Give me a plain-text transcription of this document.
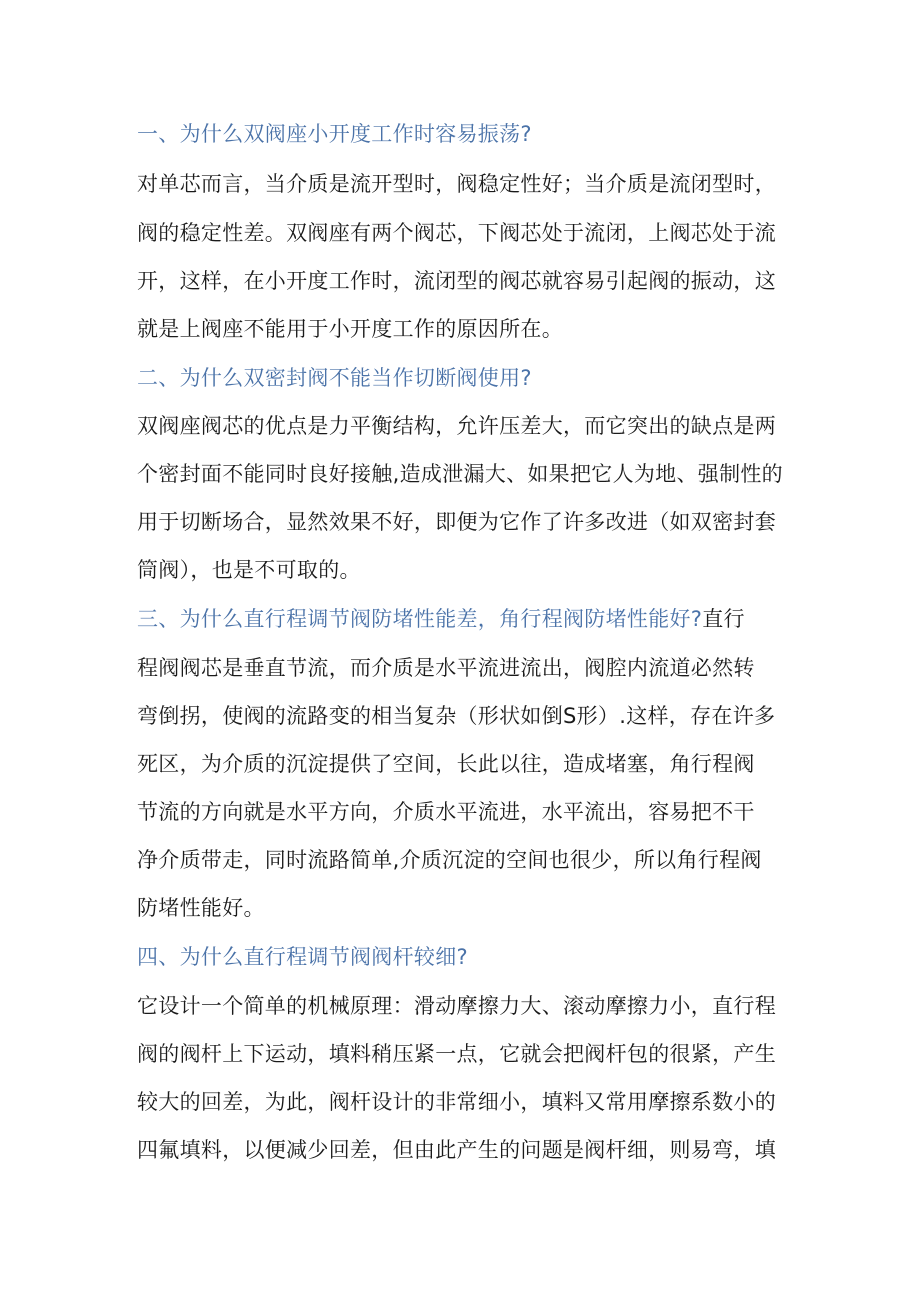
一、为什么双阀座小开度工作时容易振荡?
对单芯而言，当介质是流开型时，阀稳定性好；当介质是流闭型时，
阀的稳定性差。双阀座有两个阀芯，下阀芯处于流闭，上阀芯处于流
开，这样，在小开度工作时，流闭型的阀芯就容易引起阀的振动，这
就是上阀座不能用于小开度工作的原因所在。
二、为什么双密封阀不能当作切断阀使用?
双阀座阀芯的优点是力平衡结构，允许压差大，而它突出的缺点是两
个密封面不能同时良好接触,造成泄漏大、如果把它人为地、强制性的
用于切断场合，显然效果不好，即便为它作了许多改进（如双密封套
筒阀），也是不可取的。
三、为什么直行程调节阀防堵性能差，角行程阀防堵性能好?直行
程阀阀芯是垂直节流，而介质是水平流进流出，阀腔内流道必然转
弯倒拐，使阀的流路变的相当复杂（形状如倒S形）.这样，存在许多
死区，为介质的沉淀提供了空间，长此以往，造成堵塞，角行程阀
节流的方向就是水平方向，介质水平流进，水平流出，容易把不干
净介质带走，同时流路简单,介质沉淀的空间也很少，所以角行程阀
防堵性能好。
四、为什么直行程调节阀阀杆较细?
它设计一个简单的机械原理：滑动摩擦力大、滚动摩擦力小，直行程
阀的阀杆上下运动，填料稍压紧一点，它就会把阀杆包的很紧，产生
较大的回差，为此，阀杆设计的非常细小，填料又常用摩擦系数小的
四氟填料，以便减少回差，但由此产生的问题是阀杆细，则易弯，填
